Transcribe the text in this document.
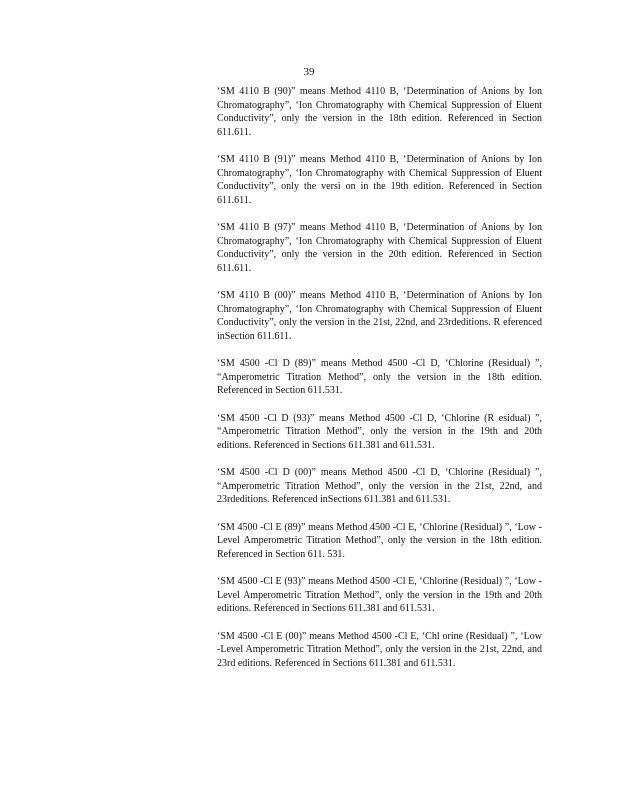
39

‘SM 4110 B (90)” means Method 4110 B, ‘Determination of Anions by Ion Chromatography”, ‘Ion Chromatography with Chemical Suppression of Eluent Conductivity”, only the version in the 18th edition. Referenced in Section 611.611.

‘SM 4110 B (91)” means Method 4110 B, ‘Determination of Anions by Ion Chromatography”, ‘Ion Chromatography with Chemical Suppression of Eluent Conductivity”, only the versi on in the 19th edition. Referenced in Section 611.611.

‘SM 4110 B (97)” means Method 4110 B, ‘Determination of Anions by Ion Chromatography”, ‘Ion Chromatography with Chemical Suppression of Eluent Conductivity”, only the version in the 20th edition. Referenced in Section 611.611.

‘SM 4110 B (00)” means Method 4110 B, ‘Determination of Anions by Ion Chromatography”, ‘Ion Chromatography with Chemical Suppression of Eluent Conductivity”, only the version in the 21st, 22nd, and 23rdeditions. R eferenced inSection 611.611.

‘SM 4500 -Cl D (89)” means Method 4500 -Cl D, ‘Chlorine (Residual) ”, “Amperometric Titration Method”, only the version in the 18th edition. Referenced in Section 611.531.

‘SM 4500 -Cl D (93)” means Method 4500 -Cl D, ‘Chlorine (R esidual) ”, “Amperometric Titration Method”, only the version in the 19th and 20th editions. Referenced in Sections 611.381 and 611.531.

‘SM 4500 -Cl D (00)” means Method 4500 -Cl D, ‘Chlorine (Residual) ”, “Amperometric Titration Method”, only the version in the 21st, 22nd, and 23rdeditions. Referenced inSections 611.381 and 611.531.

‘SM 4500 -Cl E (89)” means Method 4500 -Cl E, ‘Chlorine (Residual) ”, ‘Low -Level Amperometric Titration Method”, only the version in the 18th edition. Referenced in Section 611. 531.

‘SM 4500 -Cl E (93)” means Method 4500 -Cl E, ‘Chlorine (Residual) ”, ‘Low -Level Amperometric Titration Method”, only the version in the 19th and 20th editions. Referenced in Sections 611.381 and 611.531.

‘SM 4500 -Cl E (00)” means Method 4500 -Cl E, ‘Chl orine (Residual) ”, ‘Low -Level Amperometric Titration Method”, only the version in the 21st, 22nd, and 23rd editions. Referenced in Sections 611.381 and 611.531.
